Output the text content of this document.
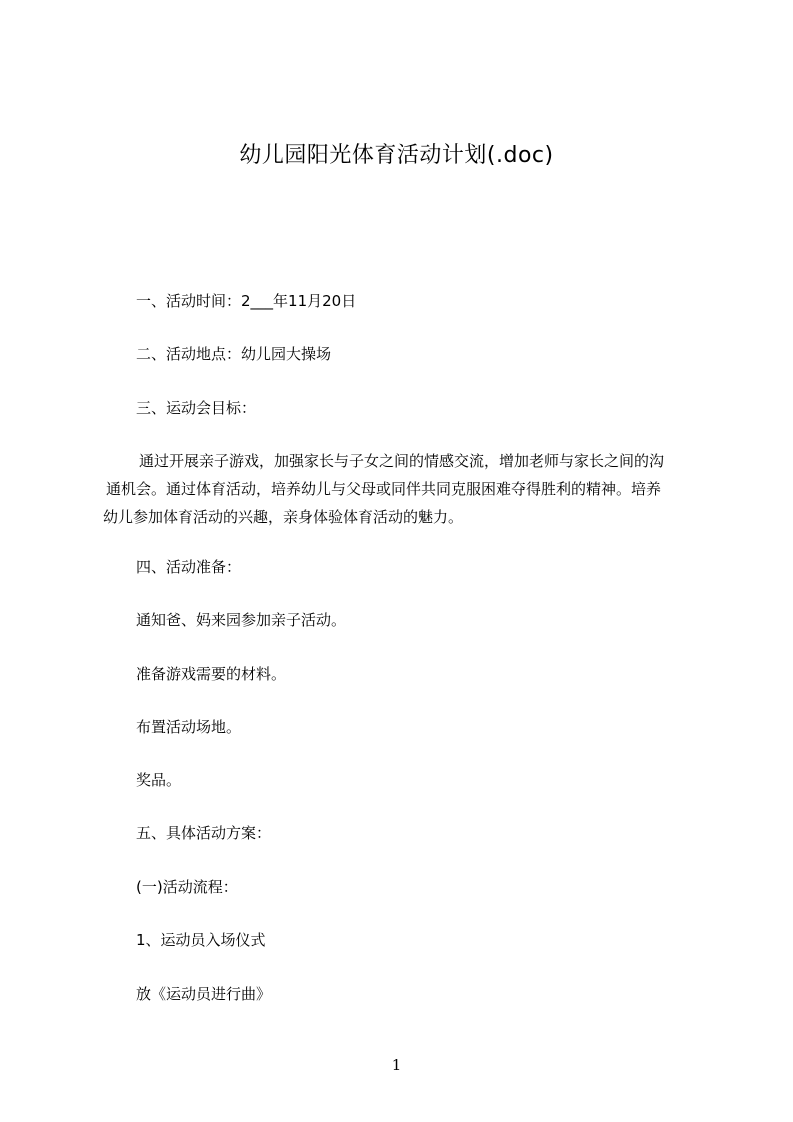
幼儿园阳光体育活动计划(.doc)
一、活动时间：2___年11月20日
二、活动地点：幼儿园大操场
三、运动会目标：
通过开展亲子游戏，加强家长与子女之间的情感交流，增加老师与家长之间的沟
通机会。通过体育活动，培养幼儿与父母或同伴共同克服困难夺得胜利的精神。培养
幼儿参加体育活动的兴趣，亲身体验体育活动的魅力。
四、活动准备：
通知爸、妈来园参加亲子活动。
准备游戏需要的材料。
布置活动场地。
奖品。
五、具体活动方案：
(一)活动流程：
1、运动员入场仪式
放《运动员进行曲》
1
